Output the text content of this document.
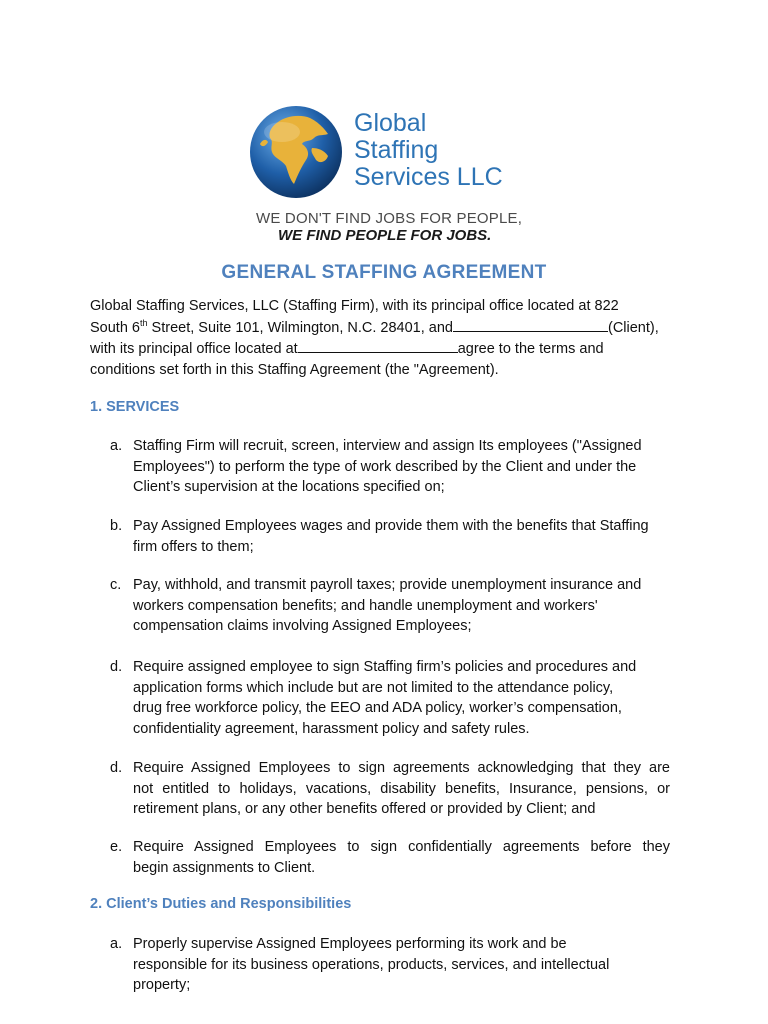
Global
Staffing
Services LLC
WE DON'T FIND JOBS FOR PEOPLE,
WE FIND PEOPLE FOR JOBS.
GENERAL STAFFING AGREEMENT
Global Staffing Services, LLC (Staffing Firm), with its principal office located at 822
South 6th Street, Suite 101, Wilmington, N.C. 28401, and	(Client),
with its principal office located at	agree to the terms and
conditions set forth in this Staffing Agreement (the "Agreement).
1. SERVICES
a. Staffing Firm will recruit, screen, interview and assign Its employees ("Assigned
Employees") to perform the type of work described by the Client and under the
Client’s supervision at the locations specified on;
b. Pay Assigned Employees wages and provide them with the benefits that Staffing
firm offers to them;
c. Pay, withhold, and transmit payroll taxes; provide unemployment insurance and
workers compensation benefits; and handle unemployment and workers'
compensation claims involving Assigned Employees;
d. Require assigned employee to sign Staffing firm’s policies and procedures and
application forms which include but are not limited to the attendance policy,
drug free workforce policy, the EEO and ADA policy, worker’s compensation,
confidentiality agreement, harassment policy and safety rules.
d. Require Assigned Employees to sign agreements acknowledging that they are
not entitled to holidays, vacations, disability benefits, Insurance, pensions, or
retirement plans, or any other benefits offered or provided by Client; and
e. Require Assigned Employees to sign confidentially agreements before they
begin assignments to Client.
2. Client’s Duties and Responsibilities
a. Properly supervise Assigned Employees performing its work and be
responsible for its business operations, products, services, and intellectual
property;
